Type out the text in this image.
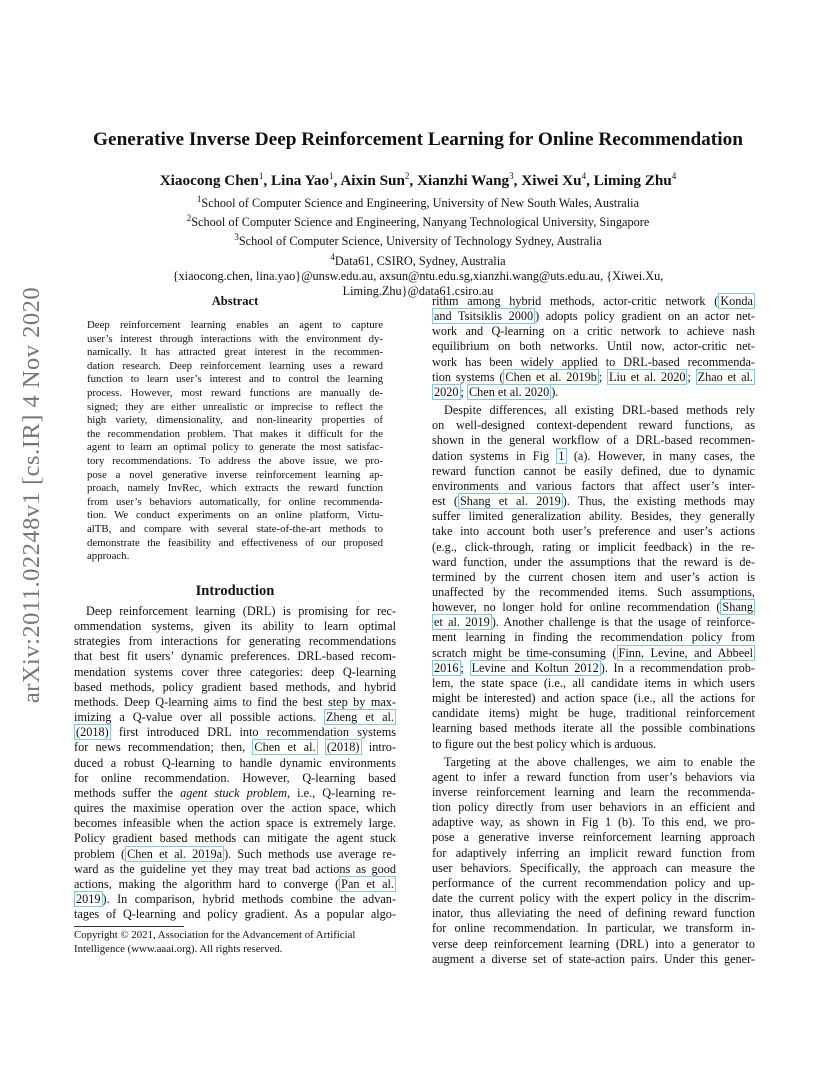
arXiv:2011.02248v1 [cs.IR] 4 Nov 2020
Generative Inverse Deep Reinforcement Learning for Online Recommendation
Xiaocong Chen$^1$, Lina Yao$^1$, Aixin Sun$^2$, Xianzhi Wang$^3$, Xiwei Xu$^4$, Liming Zhu$^4$
$^1$School of Computer Science and Engineering, University of New South Wales, Australia
$^2$School of Computer Science and Engineering, Nanyang Technological University, Singapore
$^3$School of Computer Science, University of Technology Sydney, Australia
$^4$Data61, CSIRO, Sydney, Australia
{xiaocong.chen, lina.yao}@unsw.edu.au, axsun@ntu.edu.sg,xianzhi.wang@uts.edu.au, {Xiwei.Xu,
Liming.Zhu}@data61.csiro.au
Abstract
Deep reinforcement learning enables an agent to capture
user’s interest through interactions with the environment dy-
namically. It has attracted great interest in the recommen-
dation research. Deep reinforcement learning uses a reward
function to learn user’s interest and to control the learning
process. However, most reward functions are manually de-
signed; they are either unrealistic or imprecise to reflect the
high variety, dimensionality, and non-linearity properties of
the recommendation problem. That makes it difficult for the
agent to learn an optimal policy to generate the most satisfac-
tory recommendations. To address the above issue, we pro-
pose a novel generative inverse reinforcement learning ap-
proach, namely InvRec, which extracts the reward function
from user’s behaviors automatically, for online recommenda-
tion. We conduct experiments on an online platform, Virtu-
alTB, and compare with several state-of-the-art methods to
demonstrate the feasibility and effectiveness of our proposed
approach.
Introduction
Deep reinforcement learning (DRL) is promising for rec-
ommendation systems, given its ability to learn optimal
strategies from interactions for generating recommendations
that best fit users’ dynamic preferences. DRL-based recom-
mendation systems cover three categories: deep Q-learning
based methods, policy gradient based methods, and hybrid
methods. Deep Q-learning aims to find the best step by max-
imizing a Q-value over all possible actions. Zheng et al.
(2018) first introduced DRL into recommendation systems
for news recommendation; then, Chen et al. (2018) intro-
duced a robust Q-learning to handle dynamic environments
for online recommendation. However, Q-learning based
methods suffer the agent stuck problem, i.e., Q-learning re-
quires the maximise operation over the action space, which
becomes infeasible when the action space is extremely large.
Policy gradient based methods can mitigate the agent stuck
problem ( Chen et al. 2019a ). Such methods use average re-
ward as the guideline yet they may treat bad actions as good
actions, making the algorithm hard to converge ( Pan et al.
2019 ). In comparison, hybrid methods combine the advan-
tages of Q-learning and policy gradient. As a popular algo-

rithm among hybrid methods, actor-critic network ( Konda
and Tsitsiklis 2000 ) adopts policy gradient on an actor net-
work and Q-learning on a critic network to achieve nash
equilibrium on both networks. Until now, actor-critic net-
work has been widely applied to DRL-based recommenda-
tion systems ( Chen et al. 2019b ; Liu et al. 2020 ; Zhao et al.
2020 ; Chen et al. 2020 ).

Despite differences, all existing DRL-based methods rely
on well-designed context-dependent reward functions, as
shown in the general workflow of a DRL-based recommen-
dation systems in Fig 1 (a). However, in many cases, the
reward function cannot be easily defined, due to dynamic
environments and various factors that affect user’s inter-
est ( Shang et al. 2019 ). Thus, the existing methods may
suffer limited generalization ability. Besides, they generally
take into account both user’s preference and user’s actions
(e.g., click-through, rating or implicit feedback) in the re-
ward function, under the assumptions that the reward is de-
termined by the current chosen item and user’s action is
unaffected by the recommended items. Such assumptions,
however, no longer hold for online recommendation ( Shang
et al. 2019 ). Another challenge is that the usage of reinforce-
ment learning in finding the recommendation policy from
scratch might be time-consuming ( Finn, Levine, and Abbeel
2016 ; Levine and Koltun 2012 ). In a recommendation prob-
lem, the state space (i.e., all candidate items in which users
might be interested) and action space (i.e., all the actions for
candidate items) might be huge, traditional reinforcement
learning based methods iterate all the possible combinations
to figure out the best policy which is arduous.

Targeting at the above challenges, we aim to enable the
agent to infer a reward function from user’s behaviors via
inverse reinforcement learning and learn the recommenda-
tion policy directly from user behaviors in an efficient and
adaptive way, as shown in Fig 1 (b). To this end, we pro-
pose a generative inverse reinforcement learning approach
for adaptively inferring an implicit reward function from
user behaviors. Specifically, the approach can measure the
performance of the current recommendation policy and up-
date the current policy with the expert policy in the discrim-
inator, thus alleviating the need of defining reward function
for online recommendation. In particular, we transform in-
verse deep reinforcement learning (DRL) into a generator to
augment a diverse set of state-action pairs. Under this gener-

Copyright © 2021, Association for the Advancement of Artificial
Intelligence (www.aaai.org). All rights reserved.
